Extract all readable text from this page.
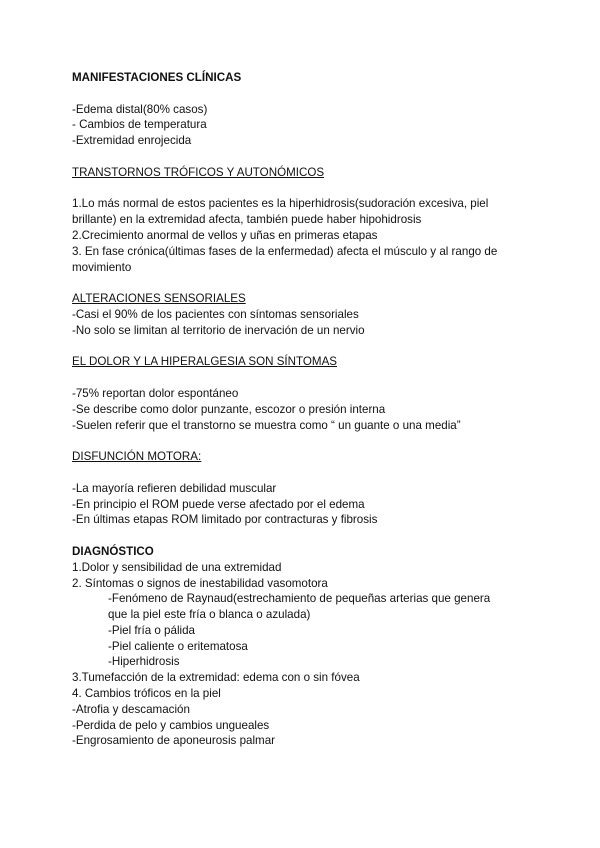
MANIFESTACIONES CLÍNICAS
-Edema distal(80% casos)
- Cambios de temperatura
-Extremidad enrojecida
TRANSTORNOS TRÓFICOS Y AUTONÓMICOS
1.Lo más normal de estos pacientes es la hiperhidrosis(sudoración excesiva, piel
brillante) en la extremidad afecta, también puede haber hipohidrosis
2.Crecimiento anormal de vellos y uñas en primeras etapas
3. En fase crónica(últimas fases de la enfermedad) afecta el músculo y al rango de
movimiento
ALTERACIONES SENSORIALES
-Casi el 90% de los pacientes con síntomas sensoriales
-No solo se limitan al territorio de inervación de un nervio
EL DOLOR Y LA HIPERALGESIA SON SÍNTOMAS
-75% reportan dolor espontáneo
-Se describe como dolor punzante, escozor o presión interna
-Suelen referir que el transtorno se muestra como “ un guante o una media”
DISFUNCIÓN MOTORA:
-La mayoría refieren debilidad muscular
-En principio el ROM puede verse afectado por el edema
-En últimas etapas ROM limitado por contracturas y fibrosis
DIAGNÓSTICO
1.Dolor y sensibilidad de una extremidad
2. Síntomas o signos de inestabilidad vasomotora
-Fenómeno de Raynaud(estrechamiento de pequeñas arterias que genera
que la piel este fría o blanca o azulada)
-Piel fría o pálida
-Piel caliente o eritematosa
-Hiperhidrosis
3.Tumefacción de la extremidad: edema con o sin fóvea
4. Cambios tróficos en la piel
-Atrofia y descamación
-Perdida de pelo y cambios ungueales
-Engrosamiento de aponeurosis palmar
